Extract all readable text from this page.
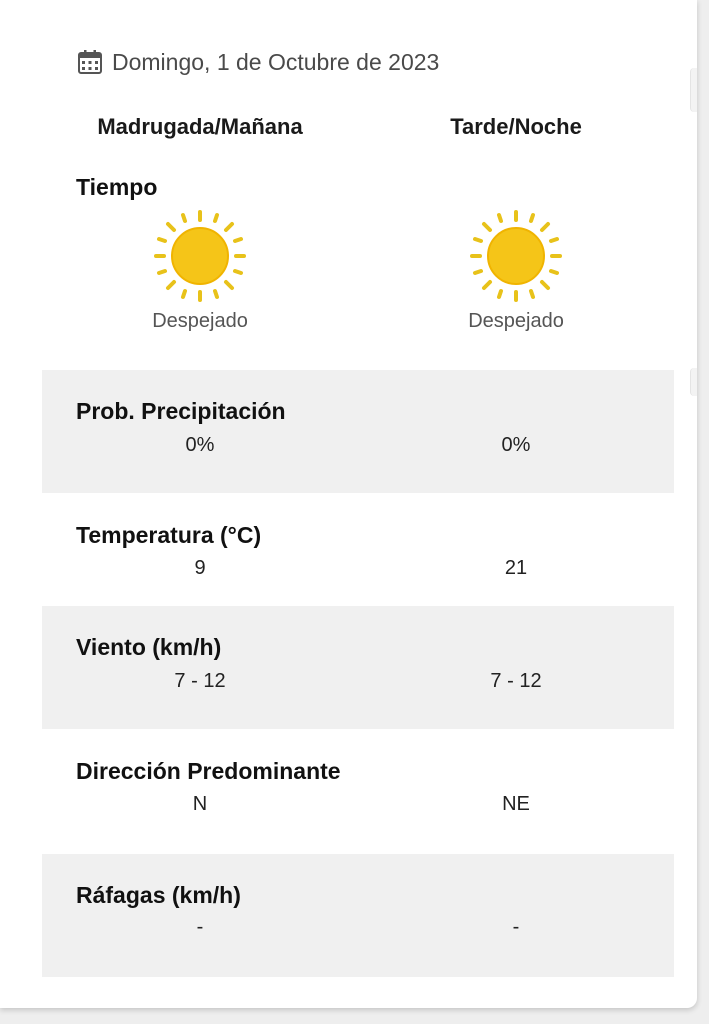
Domingo, 1 de Octubre de 2023
Madrugada/Mañana	Tarde/Noche
Tiempo
Despejado	Despejado
Prob. Precipitación
0%	0%
Temperatura (°C)
9	21
Viento (km/h)
7 - 12	7 - 12
Dirección Predominante
N	NE
Ráfagas (km/h)
-	-
